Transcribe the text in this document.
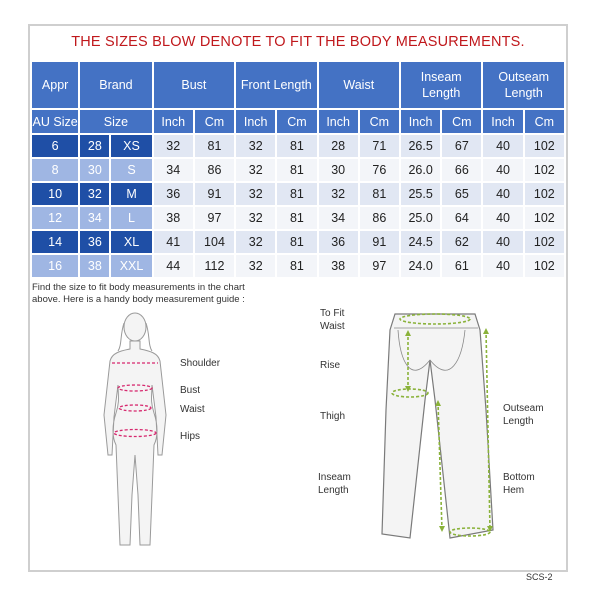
THE SIZES BLOW DENOTE TO FIT THE BODY MEASUREMENTS.
Appr	Brand		Bust		Front Length		Waist		Inseam Length		Outseam Length	
AU Size	Size		Inch	Cm	Inch	Cm	Inch	Cm	Inch	Cm	Inch	Cm
6	28	XS	32	81	32	81	28	71	26.5	67	40	102
8	30	S	34	86	32	81	30	76	26.0	66	40	102
10	32	M	36	91	32	81	32	81	25.5	65	40	102
12	34	L	38	97	32	81	34	86	25.0	64	40	102
14	36	XL	41	104	32	81	36	91	24.5	62	40	102
16	38	XXL	44	112	32	81	38	97	24.0	61	40	102
Find the size to fit body measurements in the chart
above. Here is a handy body measurement guide :
Shoulder
Bust
Waist
Hips
To Fit
Waist
Rise
Thigh
Inseam
Length
Outseam
Length
Bottom
Hem
SCS-2
